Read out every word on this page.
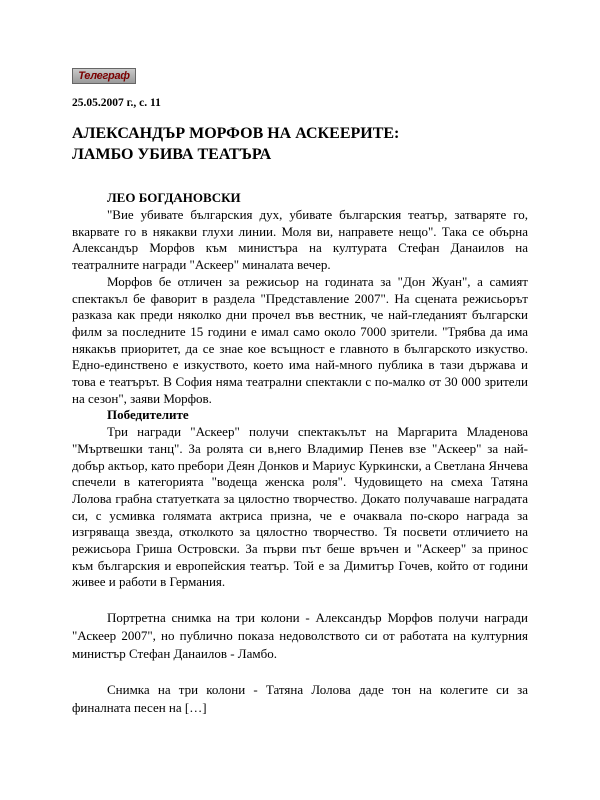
Телеграф
25.05.2007 г., с. 11
АЛЕКСАНДЪР МОРФОВ НА АСКЕЕРИТЕ:
ЛАМБО УБИВА ТЕАТЪРА
ЛЕО БОГДАНОВСКИ

"Вие убивате българския дух, убивате българския театър, затваряте го, вкарвате го в някакви глухи линии. Моля ви, направете нещо". Така се обърна Александър Морфов към министъра на културата Стефан Данаилов на театралните награди "Аскеер" миналата вечер.

Морфов бе отличен за режисьор на годината за "Дон Жуан", а самият спектакъл бе фаворит в раздела "Представление 2007". На сцената режисьорът разказа как преди няколко дни прочел във вестник, че най-гледаният български филм за последните 15 години е имал само около 7000 зрители. "Трябва да има някакъв приоритет, да се знае кое всъщност е главното в българското изкуство. Едно-единствено е изкуството, което има най-много публика в тази държава и това е театърът. В София няма театрални спектакли с по-малко от 30 000 зрители на сезон", заяви Морфов.

Победителите

Три награди "Аскеер" получи спектакълът на Маргарита Младенова "Мъртвешки танц". За ролята си в,него Владимир Пенев взе "Аскеер" за най-добър актьор, като пребори Деян Донков и Мариус Куркински, а Светлана Янчева спечели в категорията "водеща женска роля". Чудовището на смеха Татяна Лолова грабна статуетката за цялостно творчество. Докато получаваше наградата си, с усмивка голямата актриса призна, че е очаквала по-скоро награда за изгряваща звезда, отколкото за цялостно творчество. Тя посвети отличието на режисьора Гриша Островски. За първи път беше връчен и "Аскеер" за принос към българския и европейския театър. Той е за Димитър Гочев, който от години живее и работи в Германия.

Портретна снимка на три колони - Александър Морфов получи награди "Аскеер 2007", но публично показа недоволството си от работата на културния министър Стефан Данаилов - Ламбо.

Снимка на три колони - Татяна Лолова даде тон на колегите си за финалната песен на […]
